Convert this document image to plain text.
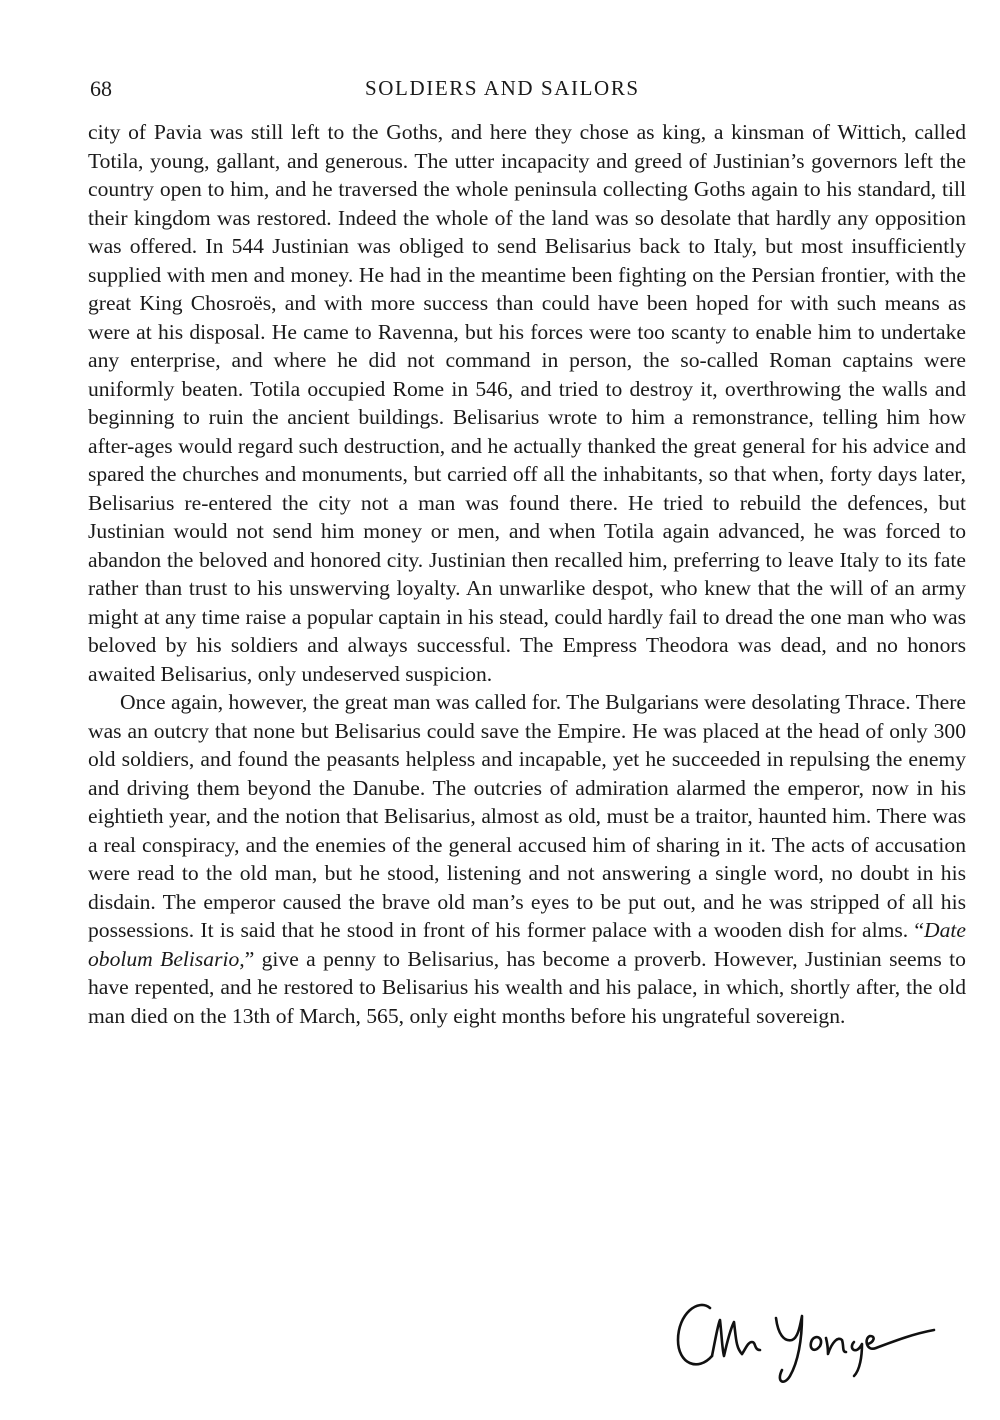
68	SOLDIERS AND SAILORS

city of Pavia was still left to the Goths, and here they chose as king, a kinsman of Wittich, called Totila, young, gallant, and generous. The utter incapacity and greed of Justinian’s governors left the country open to him, and he traversed the whole peninsula collecting Goths again to his standard, till their kingdom was restored. Indeed the whole of the land was so desolate that hardly any opposition was offered. In 544 Justinian was obliged to send Belisarius back to Italy, but most insufficiently supplied with men and money. He had in the meantime been fighting on the Persian frontier, with the great King Chosroës, and with more success than could have been hoped for with such means as were at his disposal. He came to Ravenna, but his forces were too scanty to enable him to undertake any enterprise, and where he did not command in person, the so-called Roman captains were uniformly beaten. Totila occupied Rome in 546, and tried to destroy it, overthrowing the walls and beginning to ruin the ancient buildings. Belisarius wrote to him a remonstrance, telling him how after-ages would regard such destruction, and he actually thanked the great general for his advice and spared the churches and monuments, but carried off all the inhabitants, so that when, forty days later, Belisarius re-entered the city not a man was found there. He tried to rebuild the defences, but Justinian would not send him money or men, and when Totila again advanced, he was forced to abandon the beloved and honored city. Justinian then recalled him, preferring to leave Italy to its fate rather than trust to his unswerving loyalty. An unwarlike despot, who knew that the will of an army might at any time raise a popular captain in his stead, could hardly fail to dread the one man who was beloved by his soldiers and always successful. The Empress Theodora was dead, and no honors awaited Belisarius, only undeserved suspicion.

Once again, however, the great man was called for. The Bulgarians were desolating Thrace. There was an outcry that none but Belisarius could save the Empire. He was placed at the head of only 300 old soldiers, and found the peasants helpless and incapable, yet he succeeded in repulsing the enemy and driving them beyond the Danube. The outcries of admiration alarmed the emperor, now in his eightieth year, and the notion that Belisarius, almost as old, must be a traitor, haunted him. There was a real conspiracy, and the enemies of the general accused him of sharing in it. The acts of accusation were read to the old man, but he stood, listening and not answering a single word, no doubt in his disdain. The emperor caused the brave old man’s eyes to be put out, and he was stripped of all his possessions. It is said that he stood in front of his former palace with a wooden dish for alms. “Date obolum Belisario,” give a penny to Belisarius, has become a proverb. However, Justinian seems to have repented, and he restored to Belisarius his wealth and his palace, in which, shortly after, the old man died on the 13th of March, 565, only eight months before his ungrateful sovereign.
